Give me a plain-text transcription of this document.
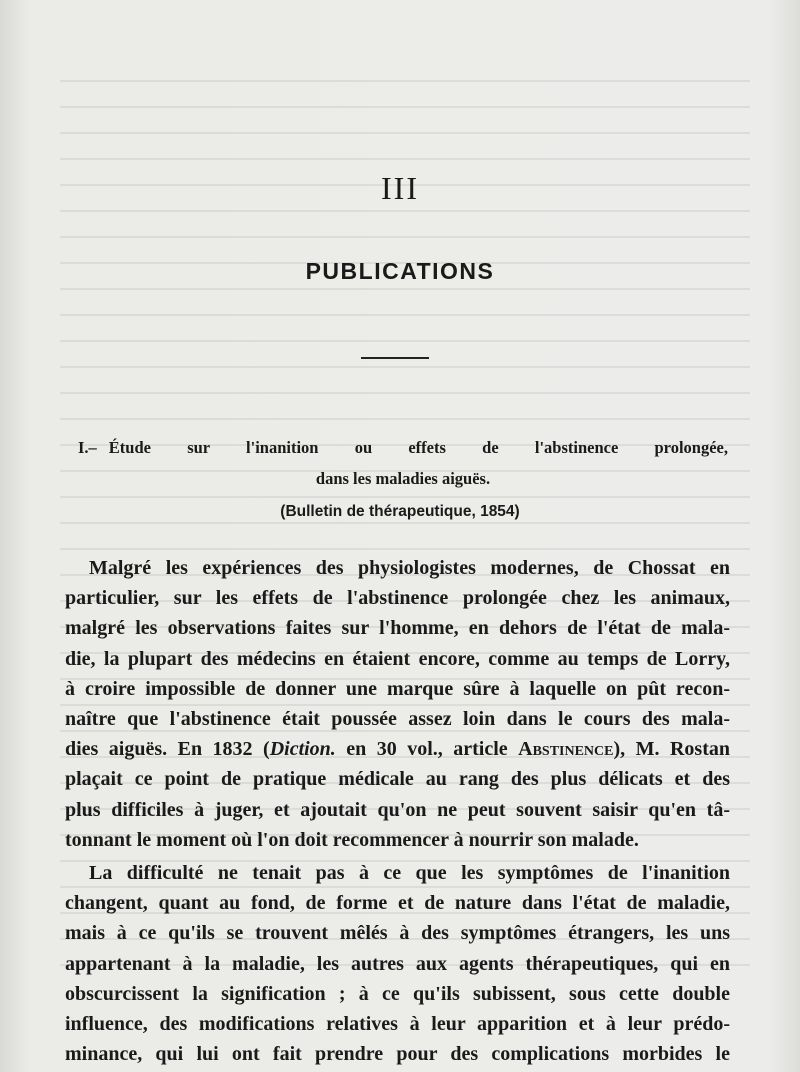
III
PUBLICATIONS
I. – Étude sur l'inanition ou effets de l'abstinence prolongée,
dans les maladies aiguës.
(Bulletin de thérapeutique, 1854)

Malgré les expériences des physiologistes modernes, de Chossat en
particulier, sur les effets de l'abstinence prolongée chez les animaux,
malgré les observations faites sur l'homme, en dehors de l'état de mala-
die, la plupart des médecins en étaient encore, comme au temps de Lorry,
à croire impossible de donner une marque sûre à laquelle on pût recon-
naître que l'abstinence était poussée assez loin dans le cours des mala-
dies aiguës. En 1832 (Diction. en 30 vol., article Abstinence), M. Rostan
plaçait ce point de pratique médicale au rang des plus délicats et des
plus difficiles à juger, et ajoutait qu'on ne peut souvent saisir qu'en tâ-
tonnant le moment où l'on doit recommencer à nourrir son malade.

La difficulté ne tenait pas à ce que les symptômes de l'inanition
changent, quant au fond, de forme et de nature dans l'état de maladie,
mais à ce qu'ils se trouvent mêlés à des symptômes étrangers, les uns
appartenant à la maladie, les autres aux agents thérapeutiques, qui en
obscurcissent la signification ; à ce qu'ils subissent, sous cette double
influence, des modifications relatives à leur apparition et à leur prédo-
minance, qui lui ont fait prendre pour des complications morbides le
